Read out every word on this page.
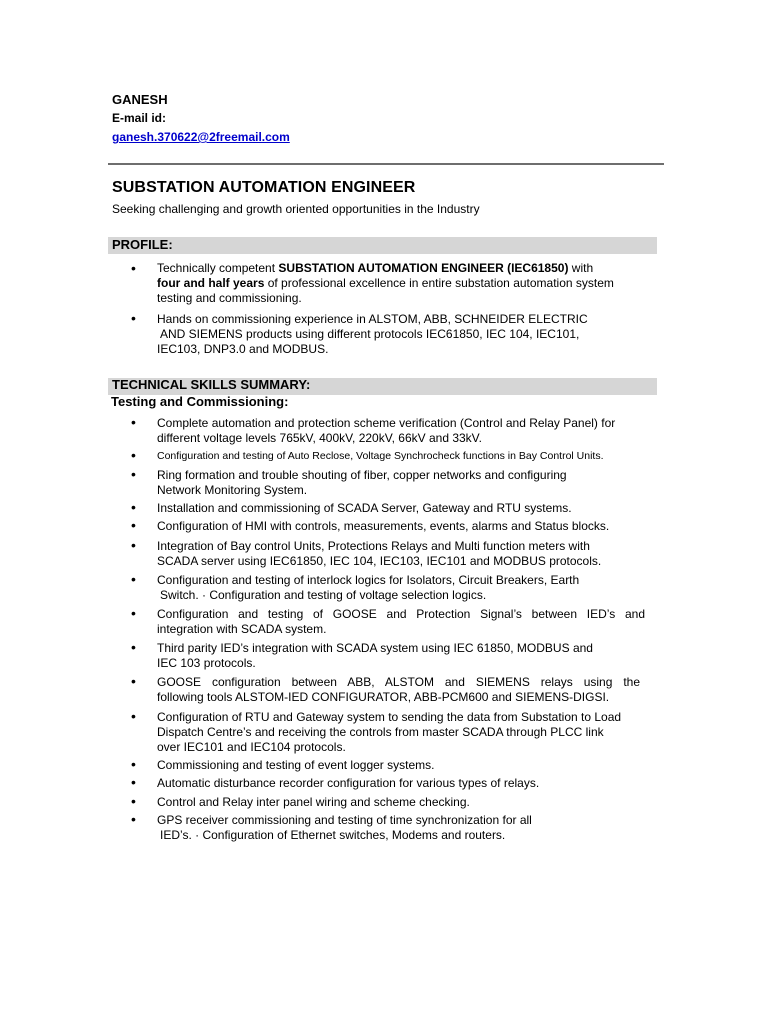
GANESH
E-mail id:
ganesh.370622@2freemail.com
SUBSTATION AUTOMATION ENGINEER
Seeking challenging and growth oriented opportunities in the Industry
PROFILE:
• Technically competent SUBSTATION AUTOMATION ENGINEER (IEC61850) with
four and half years of professional excellence in entire substation automation system
testing and commissioning.
• Hands on commissioning experience in ALSTOM, ABB, SCHNEIDER ELECTRIC
AND SIEMENS products using different protocols IEC61850, IEC 104, IEC101,
IEC103, DNP3.0 and MODBUS.
TECHNICAL SKILLS SUMMARY:
Testing and Commissioning:
• Complete automation and protection scheme verification (Control and Relay Panel) for
different voltage levels 765kV, 400kV, 220kV, 66kV and 33kV.
• Configuration and testing of Auto Reclose, Voltage Synchrocheck functions in Bay Control Units.
• Ring formation and trouble shouting of fiber, copper networks and configuring
Network Monitoring System.
• Installation and commissioning of SCADA Server, Gateway and RTU systems.
• Configuration of HMI with controls, measurements, events, alarms and Status blocks.
• Integration of Bay control Units, Protections Relays and Multi function meters with
SCADA server using IEC61850, IEC 104, IEC103, IEC101 and MODBUS protocols.
• Configuration and testing of interlock logics for Isolators, Circuit Breakers, Earth
Switch. · Configuration and testing of voltage selection logics.
• Configuration and testing of GOOSE and Protection Signal’s between IED’s and
integration with SCADA system.
• Third parity IED’s integration with SCADA system using IEC 61850, MODBUS and
IEC 103 protocols.
• GOOSE configuration between ABB, ALSTOM and SIEMENS relays using the
following tools ALSTOM-IED CONFIGURATOR, ABB-PCM600 and SIEMENS-DIGSI.
• Configuration of RTU and Gateway system to sending the data from Substation to Load
Dispatch Centre’s and receiving the controls from master SCADA through PLCC link
over IEC101 and IEC104 protocols.
• Commissioning and testing of event logger systems.
• Automatic disturbance recorder configuration for various types of relays.
• Control and Relay inter panel wiring and scheme checking.
• GPS receiver commissioning and testing of time synchronization for all
IED’s. · Configuration of Ethernet switches, Modems and routers.
